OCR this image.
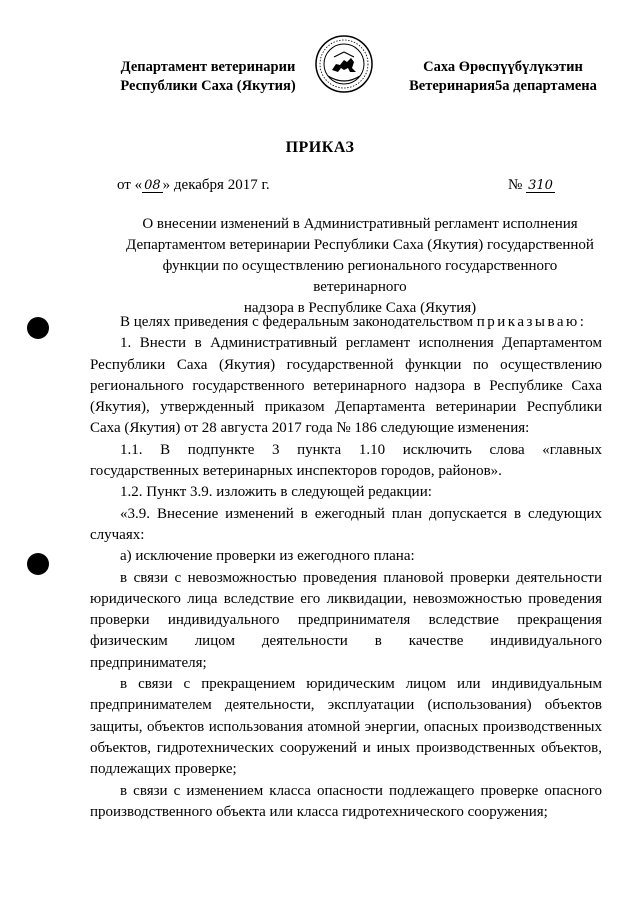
Департамент ветеринарии
Республики Саха (Якутия)
Саха Өрөспүүбүлүкэтин
Ветеринария5а департамена
ПРИКАЗ
от « 08 » декабря 2017 г.	№ 310
О внесении изменений в Административный регламент исполнения
Департаментом ветеринарии Республики Саха (Якутия) государственной
функции по осуществлению регионального государственного ветеринарного
надзора в Республике Саха (Якутия)

В целях приведения с федеральным законодательством приказываю:

1. Внести в Административный регламент исполнения Департаментом Республики Саха (Якутия) государственной функции по осуществлению регионального государственного ветеринарного надзора в Республике Саха (Якутия), утвержденный приказом Департамента ветеринарии Республики Саха (Якутия) от 28 августа 2017 года № 186 следующие изменения:

1.1. В подпункте 3 пункта 1.10 исключить слова «главных государственных ветеринарных инспекторов городов, районов».

1.2. Пункт 3.9. изложить в следующей редакции:

«3.9. Внесение изменений в ежегодный план допускается в следующих случаях:

а) исключение проверки из ежегодного плана:

в связи с невозможностью проведения плановой проверки деятельности юридического лица вследствие его ликвидации, невозможностью проведения проверки индивидуального предпринимателя вследствие прекращения физическим лицом деятельности в качестве индивидуального предпринимателя;

в связи с прекращением юридическим лицом или индивидуальным предпринимателем деятельности, эксплуатации (использования) объектов защиты, объектов использования атомной энергии, опасных производственных объектов, гидротехнических сооружений и иных производственных объектов, подлежащих проверке;

в связи с изменением класса опасности подлежащего проверке опасного производственного объекта или класса гидротехнического сооружения;
